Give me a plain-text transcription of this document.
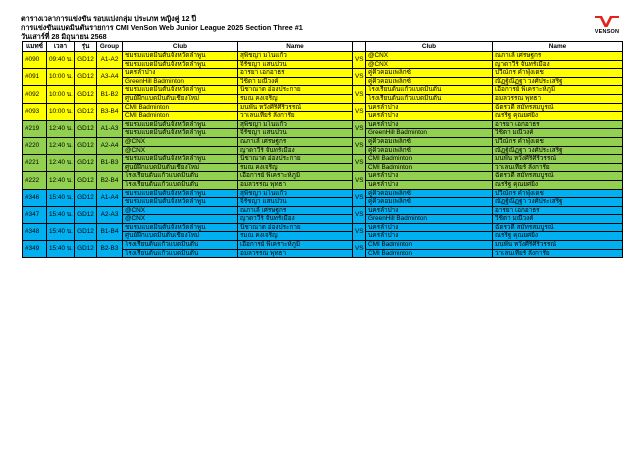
ตารางเวลาการแข่งขัน รอบแบ่งกลุ่ม ประเภท หญิงคู่ 12 ปี
การแข่งขันแบดมินตันรายการ CMI VenSon Web Junior League 2025 Section Three #1
วันเสาร์ที่ 28 มิถุนายน 2568
VENSON
แมทซ์	เวลา	รุ่น	Group	Club	Name		Club	Name
#090	09:40 น.	GD12	A1-A2	ชมรมแบดมินตันจังหวัดลำพูน	สุพิชญา มโนแก้ว	VS	@CNX	ณภาเล้ เศรษฐกร
				ชมรมแบดมินตันจังหวัดลำพูน	จิรัชญา แสนปวน		@CNX	ญาดาวีร์ จันทร์เมือง
#091	10:00 น.	GD12	A3-A4	นครลำปาง	อารยา เอกอาธร	VS	คู่คิวคอมเพล็กซ์	ปวีณ์กร คำฟุ่งเดช
				GreenHill Badminton	วิชิตา มณีวงค์		คู่คิวคอมเพล็กซ์	ณัฏฐ์ณิฏฐา วงศ์ประเสริฐ
#092	10:00 น.	GD12	B1-B2	ชมรมแบดมินตันจังหวัดลำพูน	นิชาณาต อ่องประกาย	VS	โรงเรียนต้นแก้วแบดมินตัน	เอื้อการย์ พิเคราะห์ภูมิ
				ศูนย์ฝึกแบดมินตันเชียงใหม่	รมณ คงเจริญ		โรงเรียนต้นแก้วแบดมินตัน	อมลวรรณ พุทธา
#093	10:00 น.	GD12	B3-B4	CMI Badminton	มนพัน หวังศิริศิริวรรณ์	VS	นครลำปาง	ฉัตรวดี สมัทรสมบูรณ์
				CMI Badminton	วาเลนเทียร์ ลังการัย		นครลำปาง	ณรริฐ คุณยศยิ่ง
#219	12:40 น.	GD12	A1-A3	ชมรมแบดมินตันจังหวัดลำพูน	สุพิชญา มโนแก้ว	VS	นครลำปาง	อารยา เอกอาธร
				ชมรมแบดมินตันจังหวัดลำพูน	จิรัชญา แสนปวน		GreenHill Badminton	วิชิตา มณีวงค์
#220	12:40 น.	GD12	A2-A4	@CNX	ณภาเล้ เศรษฐกร	VS	คู่คิวคอมเพล็กซ์	ปวีณ์กร คำฟุ่งเดช
				@CNX	ญาดาวีร์ จันทร์เมือง		คู่คิวคอมเพล็กซ์	ณัฏฐ์ณิฏฐา วงศ์ประเสริฐ
#221	12:40 น.	GD12	B1-B3	ชมรมแบดมินตันจังหวัดลำพูน	นิชาณาต อ่องประกาย	VS	CMI Badminton	มนพัน หวังศิริศิริวรรณ์
				ศูนย์ฝึกแบดมินตันเชียงใหม่	รมณ คงเจริญ		CMI Badminton	วาเลนเทียร์ ลังการัย
#222	12:40 น.	GD12	B2-B4	โรงเรียนต้นแก้วแบดมินตัน	เอื้อการย์ พิเคราะห์ภูมิ	VS	นครลำปาง	ฉัตรวดี สมัทรสมบูรณ์
				โรงเรียนต้นแก้วแบดมินตัน	อมลวรรณ พุทธา		นครลำปาง	ณรริฐ คุณยศยิ่ง
#346	15:40 น.	GD12	A1-A4	ชมรมแบดมินตันจังหวัดลำพูน	สุพิชญา มโนแก้ว	VS	คู่คิวคอมเพล็กซ์	ปวีณ์กร คำฟุ่งเดช
				ชมรมแบดมินตันจังหวัดลำพูน	จิรัชญา แสนปวน		คู่คิวคอมเพล็กซ์	ณัฏฐ์ณิฏฐา วงศ์ประเสริฐ
#347	15:40 น.	GD12	A2-A3	@CNX	ณภาเล้ เศรษฐกร	VS	นครลำปาง	อารยา เอกอาธร
				@CNX	ญาดาวีร์ จันทร์เมือง		GreenHill Badminton	วิชิตา มณีวงค์
#348	15:40 น.	GD12	B1-B4	ชมรมแบดมินตันจังหวัดลำพูน	นิชาณาต อ่องประกาย	VS	นครลำปาง	ฉัตรวดี สมัทรสมบูรณ์
				ศูนย์ฝึกแบดมินตันเชียงใหม่	รมณ คงเจริญ		นครลำปาง	ณรริฐ คุณยศยิ่ง
#349	15:40 น.	GD12	B2-B3	โรงเรียนต้นแก้วแบดมินตัน	เอื้อการย์ พิเคราะห์ภูมิ	VS	CMI Badminton	มนพัน หวังศิริศิริวรรณ์
				โรงเรียนต้นแก้วแบดมินตัน	อมลวรรณ พุทธา		CMI Badminton	วาเลนเทียร์ ลังการัย
